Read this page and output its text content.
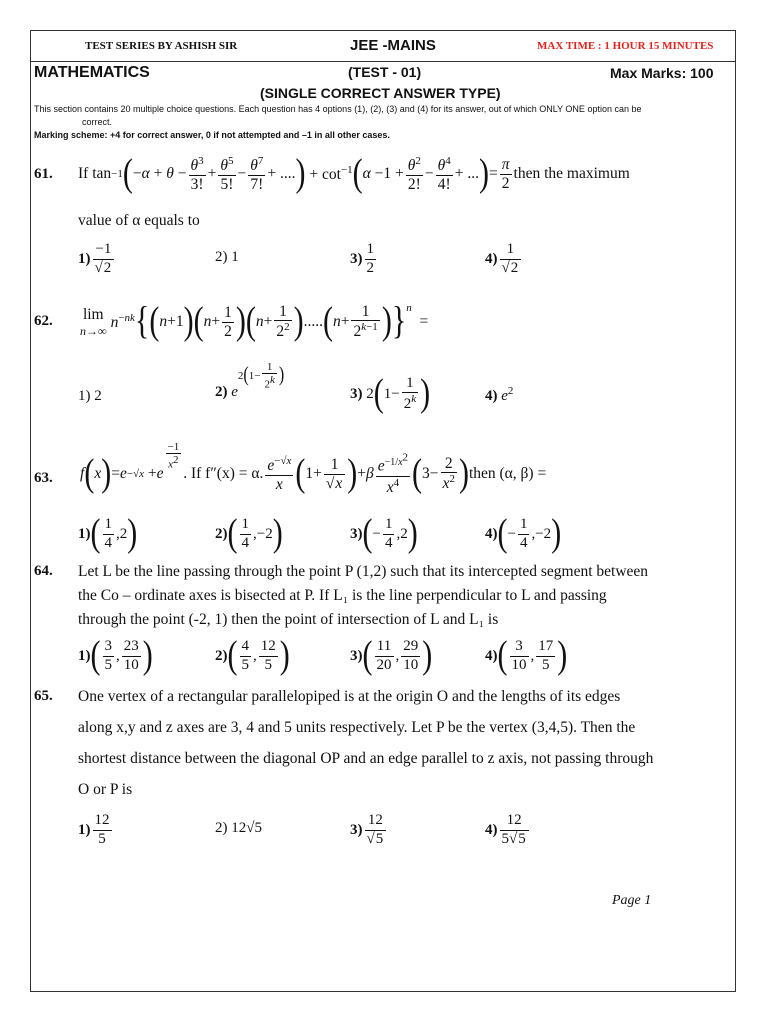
TEST SERIES BY ASHISH SIR	JEE -MAINS	MAX TIME : 1 HOUR 15 MINUTES
MATHEMATICS	(TEST - 01)	Max Marks: 100
(SINGLE CORRECT ANSWER TYPE)
This section contains 20 multiple choice questions. Each question has 4 options (1), (2), (3) and (4) for its answer, out of which ONLY ONE option can be
correct.
Marking scheme: +4 for correct answer, 0 if not attempted and –1 in all other cases.
61. If tan −1 ( $-\alpha + \theta - \frac{\theta^3}{3!} + \frac{\theta^5}{5!} - \frac{\theta^7}{7!}$ + .... ) + $\cot^{-1}$ ( $\alpha -1 + \frac{\theta^2}{2!} - \frac{\theta^4}{4!}$ + ... ) = $\frac{\pi}{2}$ then the maximum
value of α equals to
$1) \frac{-1}{√2}$	2) 1	$3) \frac{1}{2}$	$4) \frac{1}{√2}$
62. lim
n→∞ $n^{-nk}$ { ( n +1 ) ( $n + \frac{1}{2}$ ) ( $n + \frac{1}{2^2}$ ) ..... ( $n + \frac{1}{2^{k-1}}$ ) } $^n$
=
1) 2	2)
e
$2(1- \frac{1}{2^k}$ )
3) 2 ( $1- \frac{1}{2^k}$ )	4) $e^2$
63. f ( x ) = e −√x + e
$\frac{-1}{x^2}$
. If f″(x) = α. $\frac{e^{-√x}}{x}$ ( $1+ \frac{1}{√x}$ ) + β $\frac{e^{-1/x^2}}{x^4}$ ( $3- \frac{2}{x^2}$ ) then (α, β) =
1) ( $\frac{1}{4} ,2$ )	2) ( $\frac{1}{4} ,-2$ )	3) ( − $\frac{1}{4} ,2$ )	4) ( − $\frac{1}{4} ,-2$ )
64. Let L be the line passing through the point P (1,2) such that its intercepted segment between
the Co – ordinate axes is bisected at P. If L₁ is the line perpendicular to L and passing
through the point (-2, 1) then the point of intersection of L and L₁ is
1) ( $\frac{3}{5}$ , $\frac{23}{10}$ )	2) ( $\frac{4}{5}$ , $\frac{12}{5}$ )	3) ( $\frac{11}{20}$ , $\frac{29}{10}$ )	4) ( $\frac{3}{10}$ , $\frac{17}{5}$ )
65. One vertex of a rectangular parallelopiped is at the origin O and the lengths of its edges
along x,y and z axes are 3, 4 and 5 units respectively. Let P be the vertex (3,4,5). Then the
shortest distance between the diagonal OP and an edge parallel to z axis, not passing through
O or P is
$1) \frac{12}{5}$	2) 12√5	$3) \frac{12}{√5}$	$4) \frac{12}{5√5}$
Page 1
